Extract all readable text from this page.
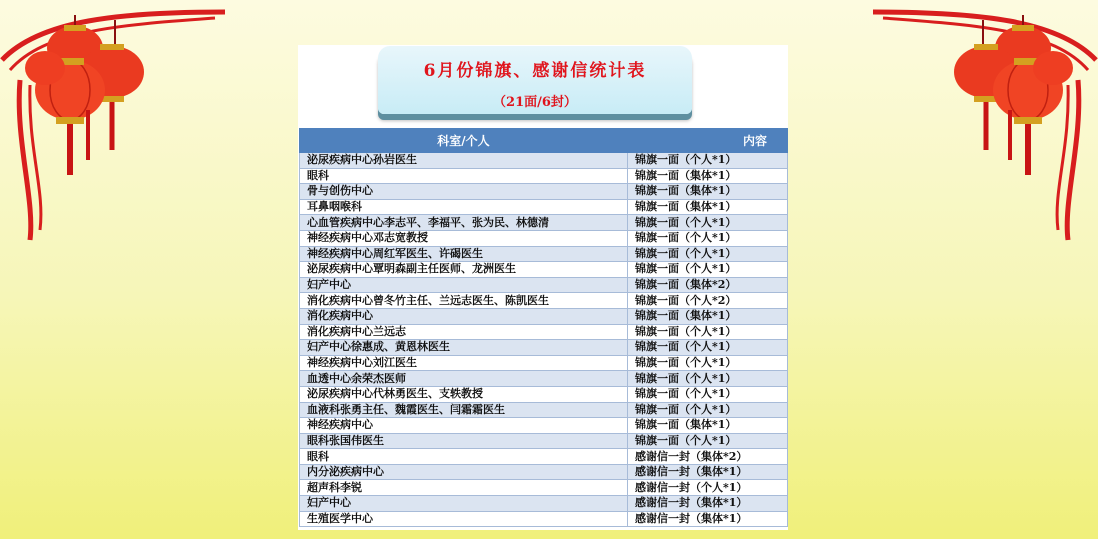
6月份锦旗、感谢信统计表
（21面/6封）
科室/个人	内容
泌尿疾病中心孙岩医生	锦旗一面（个人*1）
眼科	锦旗一面（集体*1）
骨与创伤中心	锦旗一面（集体*1）
耳鼻咽喉科	锦旗一面（集体*1）
心血管疾病中心李志平、李福平、张为民、林德清	锦旗一面（个人*1）
神经疾病中心邓志宽教授	锦旗一面（个人*1）
神经疾病中心周红军医生、许碣医生	锦旗一面（个人*1）
泌尿疾病中心覃明森副主任医师、龙洲医生	锦旗一面（个人*1）
妇产中心	锦旗一面（集体*2）
消化疾病中心曾冬竹主任、兰远志医生、陈凯医生	锦旗一面（个人*2）
消化疾病中心	锦旗一面（集体*1）
消化疾病中心兰远志	锦旗一面（个人*1）
妇产中心徐惠成、黄恩林医生	锦旗一面（个人*1）
神经疾病中心刘江医生	锦旗一面（个人*1）
血透中心余荣杰医师	锦旗一面（个人*1）
泌尿疾病中心代林勇医生、支轶教授	锦旗一面（个人*1）
血液科张勇主任、魏霞医生、闫霜霜医生	锦旗一面（个人*1）
神经疾病中心	锦旗一面（集体*1）
眼科张国伟医生	锦旗一面（个人*1）
眼科	感谢信一封（集体*2）
内分泌疾病中心	感谢信一封（集体*1）
超声科李锐	感谢信一封（个人*1）
妇产中心	感谢信一封（集体*1）
生殖医学中心	感谢信一封（集体*1）
